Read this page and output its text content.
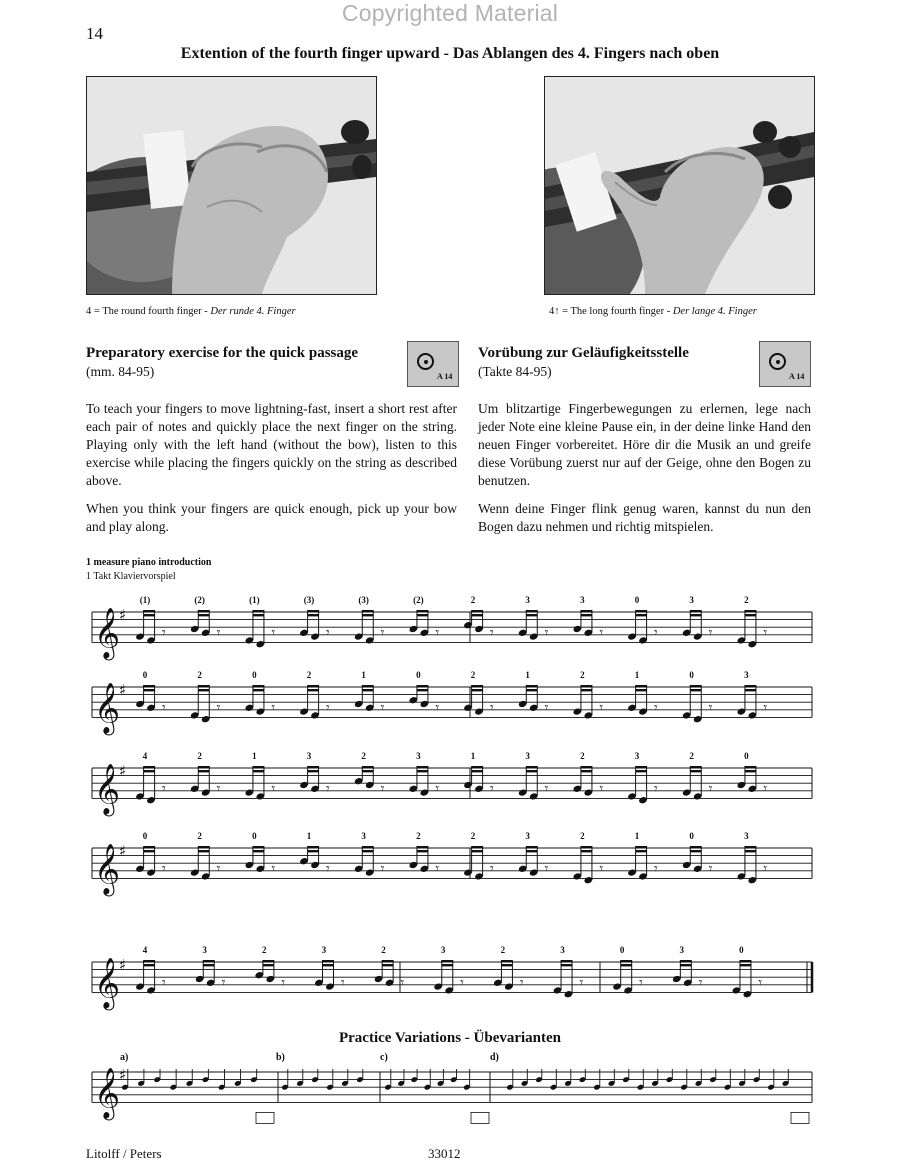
Copyrighted Material
14
Extention of the fourth finger upward - Das Ablangen des 4. Fingers nach oben
4 = The round fourth finger - Der runde 4. Finger	4↑ = The long fourth finger - Der lange 4. Finger
Preparatory exercise for the quick passage
(mm. 84-95)	A 14
To teach your fingers to move lightning-fast, insert a short rest after each pair of notes and quickly place the next finger on the string. Playing only with the left hand (without the bow), listen to this exercise while placing the fingers quickly on the string as described above.
When you think your fingers are quick enough, pick up your bow and play along.
Vorübung zur Geläufigkeitsstelle
(Takte 84-95)	A 14
Um blitzartige Fingerbewegungen zu erlernen, lege nach jeder Note eine kleine Pause ein, in der deine linke Hand den neuen Finger vorbereitet. Höre dir die Musik an und greife diese Vorübung zuerst nur auf der Geige, ohne den Bogen zu benutzen.
Wenn deine Finger flink genug waren, kannst du nun den Bogen dazu nehmen und richtig mitspielen.
1 measure piano introduction
1 Takt Klaviervorspiel
𝄞
♯
𝄾
(1)
𝄾
(2)
𝄾
(1)
𝄾
(3)
𝄾
(3)
𝄾
(2)
𝄾
2
𝄾
3
𝄾
3
𝄾
0
𝄾
3
𝄾
2
𝄞
♯
𝄾
0
𝄾
2
𝄾
0
𝄾
2
𝄾
1
𝄾
0
𝄾
2
𝄾
1
𝄾
2
𝄾
1
𝄾
0
𝄾
3
𝄞
♯
𝄾
4
𝄾
2
𝄾
1
𝄾
3
𝄾
2
𝄾
3
𝄾
1
𝄾
3
𝄾
2
𝄾
3
𝄾
2
𝄾
0
𝄞
♯
𝄾
0
𝄾
2
𝄾
0
𝄾
1
𝄾
3
𝄾
2
𝄾
2
𝄾
3
𝄾
2
𝄾
1
𝄾
0
𝄾
3
𝄞
♯
𝄾
4
𝄾
3
𝄾
2
𝄾
3
𝄾
2
𝄾
3
𝄾
2
𝄾
3
𝄾
0
𝄾
3
𝄾
0
𝄞
♯
a)	b)	c)	d)
Practice Variations - Übevarianten
Litolff / Peters	33012
